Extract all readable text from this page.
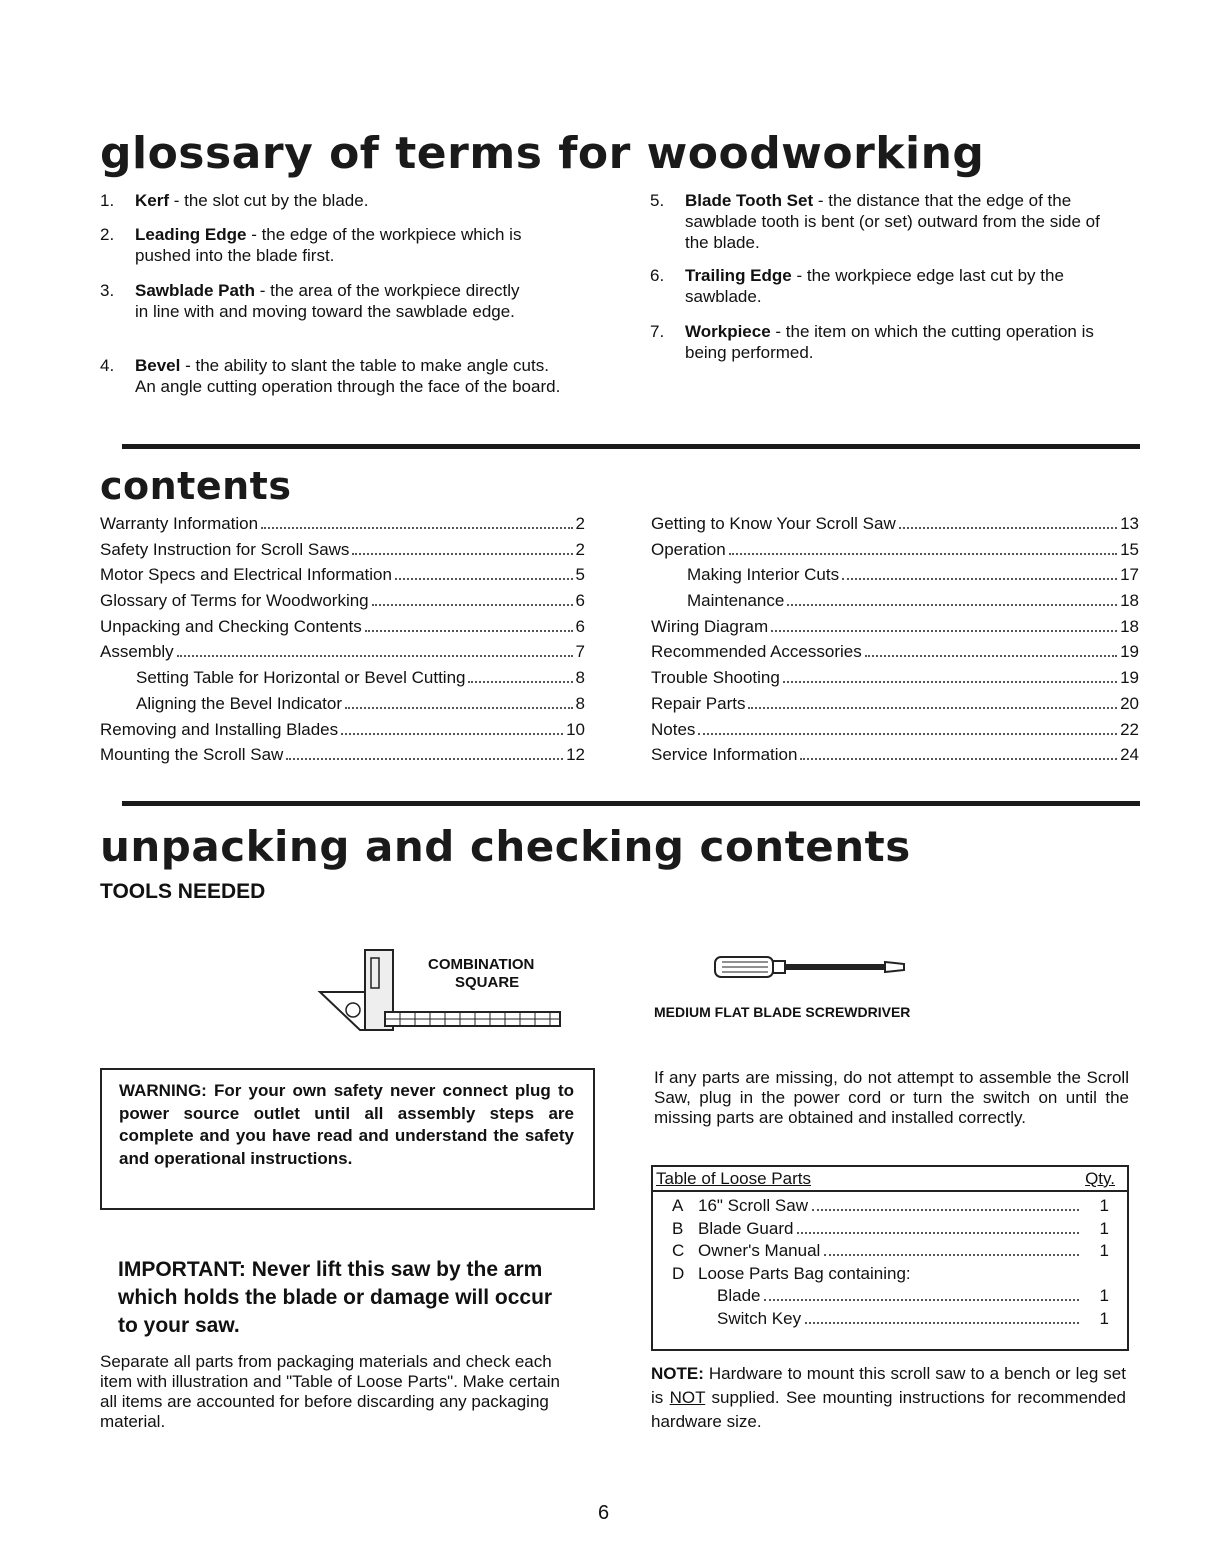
glossary of terms for woodworking
1. Kerf - the slot cut by the blade.
2. Leading Edge - the edge of the workpiece which is pushed into the blade first.
3. Sawblade Path - the area of the workpiece directly in line with and moving toward the sawblade edge.
4. Bevel - the ability to slant the table to make angle cuts. An angle cutting operation through the face of the board.
5. Blade Tooth Set - the distance that the edge of the sawblade tooth is bent (or set) outward from the side of the blade.
6. Trailing Edge - the workpiece edge last cut by the sawblade.
7. Workpiece - the item on which the cutting operation is being performed.
contents
Warranty Information	2
Safety Instruction for Scroll Saws	2
Motor Specs and Electrical Information	5
Glossary of Terms for Woodworking	6
Unpacking and Checking Contents	6
Assembly	7
Setting Table for Horizontal or Bevel Cutting	8
Aligning the Bevel Indicator	8
Removing and Installing Blades	10
Mounting the Scroll Saw	12
Getting to Know Your Scroll Saw	13
Operation	15
Making Interior Cuts	17
Maintenance	18
Wiring Diagram	18
Recommended Accessories	19
Trouble Shooting	19
Repair Parts	20
Notes	22
Service Information	24
unpacking and checking contents
TOOLS NEEDED
COMBINATION
SQUARE
MEDIUM FLAT BLADE SCREWDRIVER
WARNING: For your own safety never connect plug to power source outlet until all assembly steps are complete and you have read and understand the safety and operational instructions.
IMPORTANT: Never lift this saw by the arm
which holds the blade or damage will occur
to your saw.
Separate all parts from packaging materials and check each item with illustration and "Table of Loose Parts". Make certain all items are accounted for before discarding any packaging material.
If any parts are missing, do not attempt to assemble the Scroll Saw, plug in the power cord or turn the switch on until the missing parts are obtained and installed correctly.
Table of Loose Parts	Qty.
A 16" Scroll Saw	1
B Blade Guard	1
C Owner's Manual	1
D Loose Parts Bag containing:
Blade	1
Switch Key	1
NOTE: Hardware to mount this scroll saw to a bench or leg set is NOT supplied. See mounting instructions for recommended hardware size.
6
